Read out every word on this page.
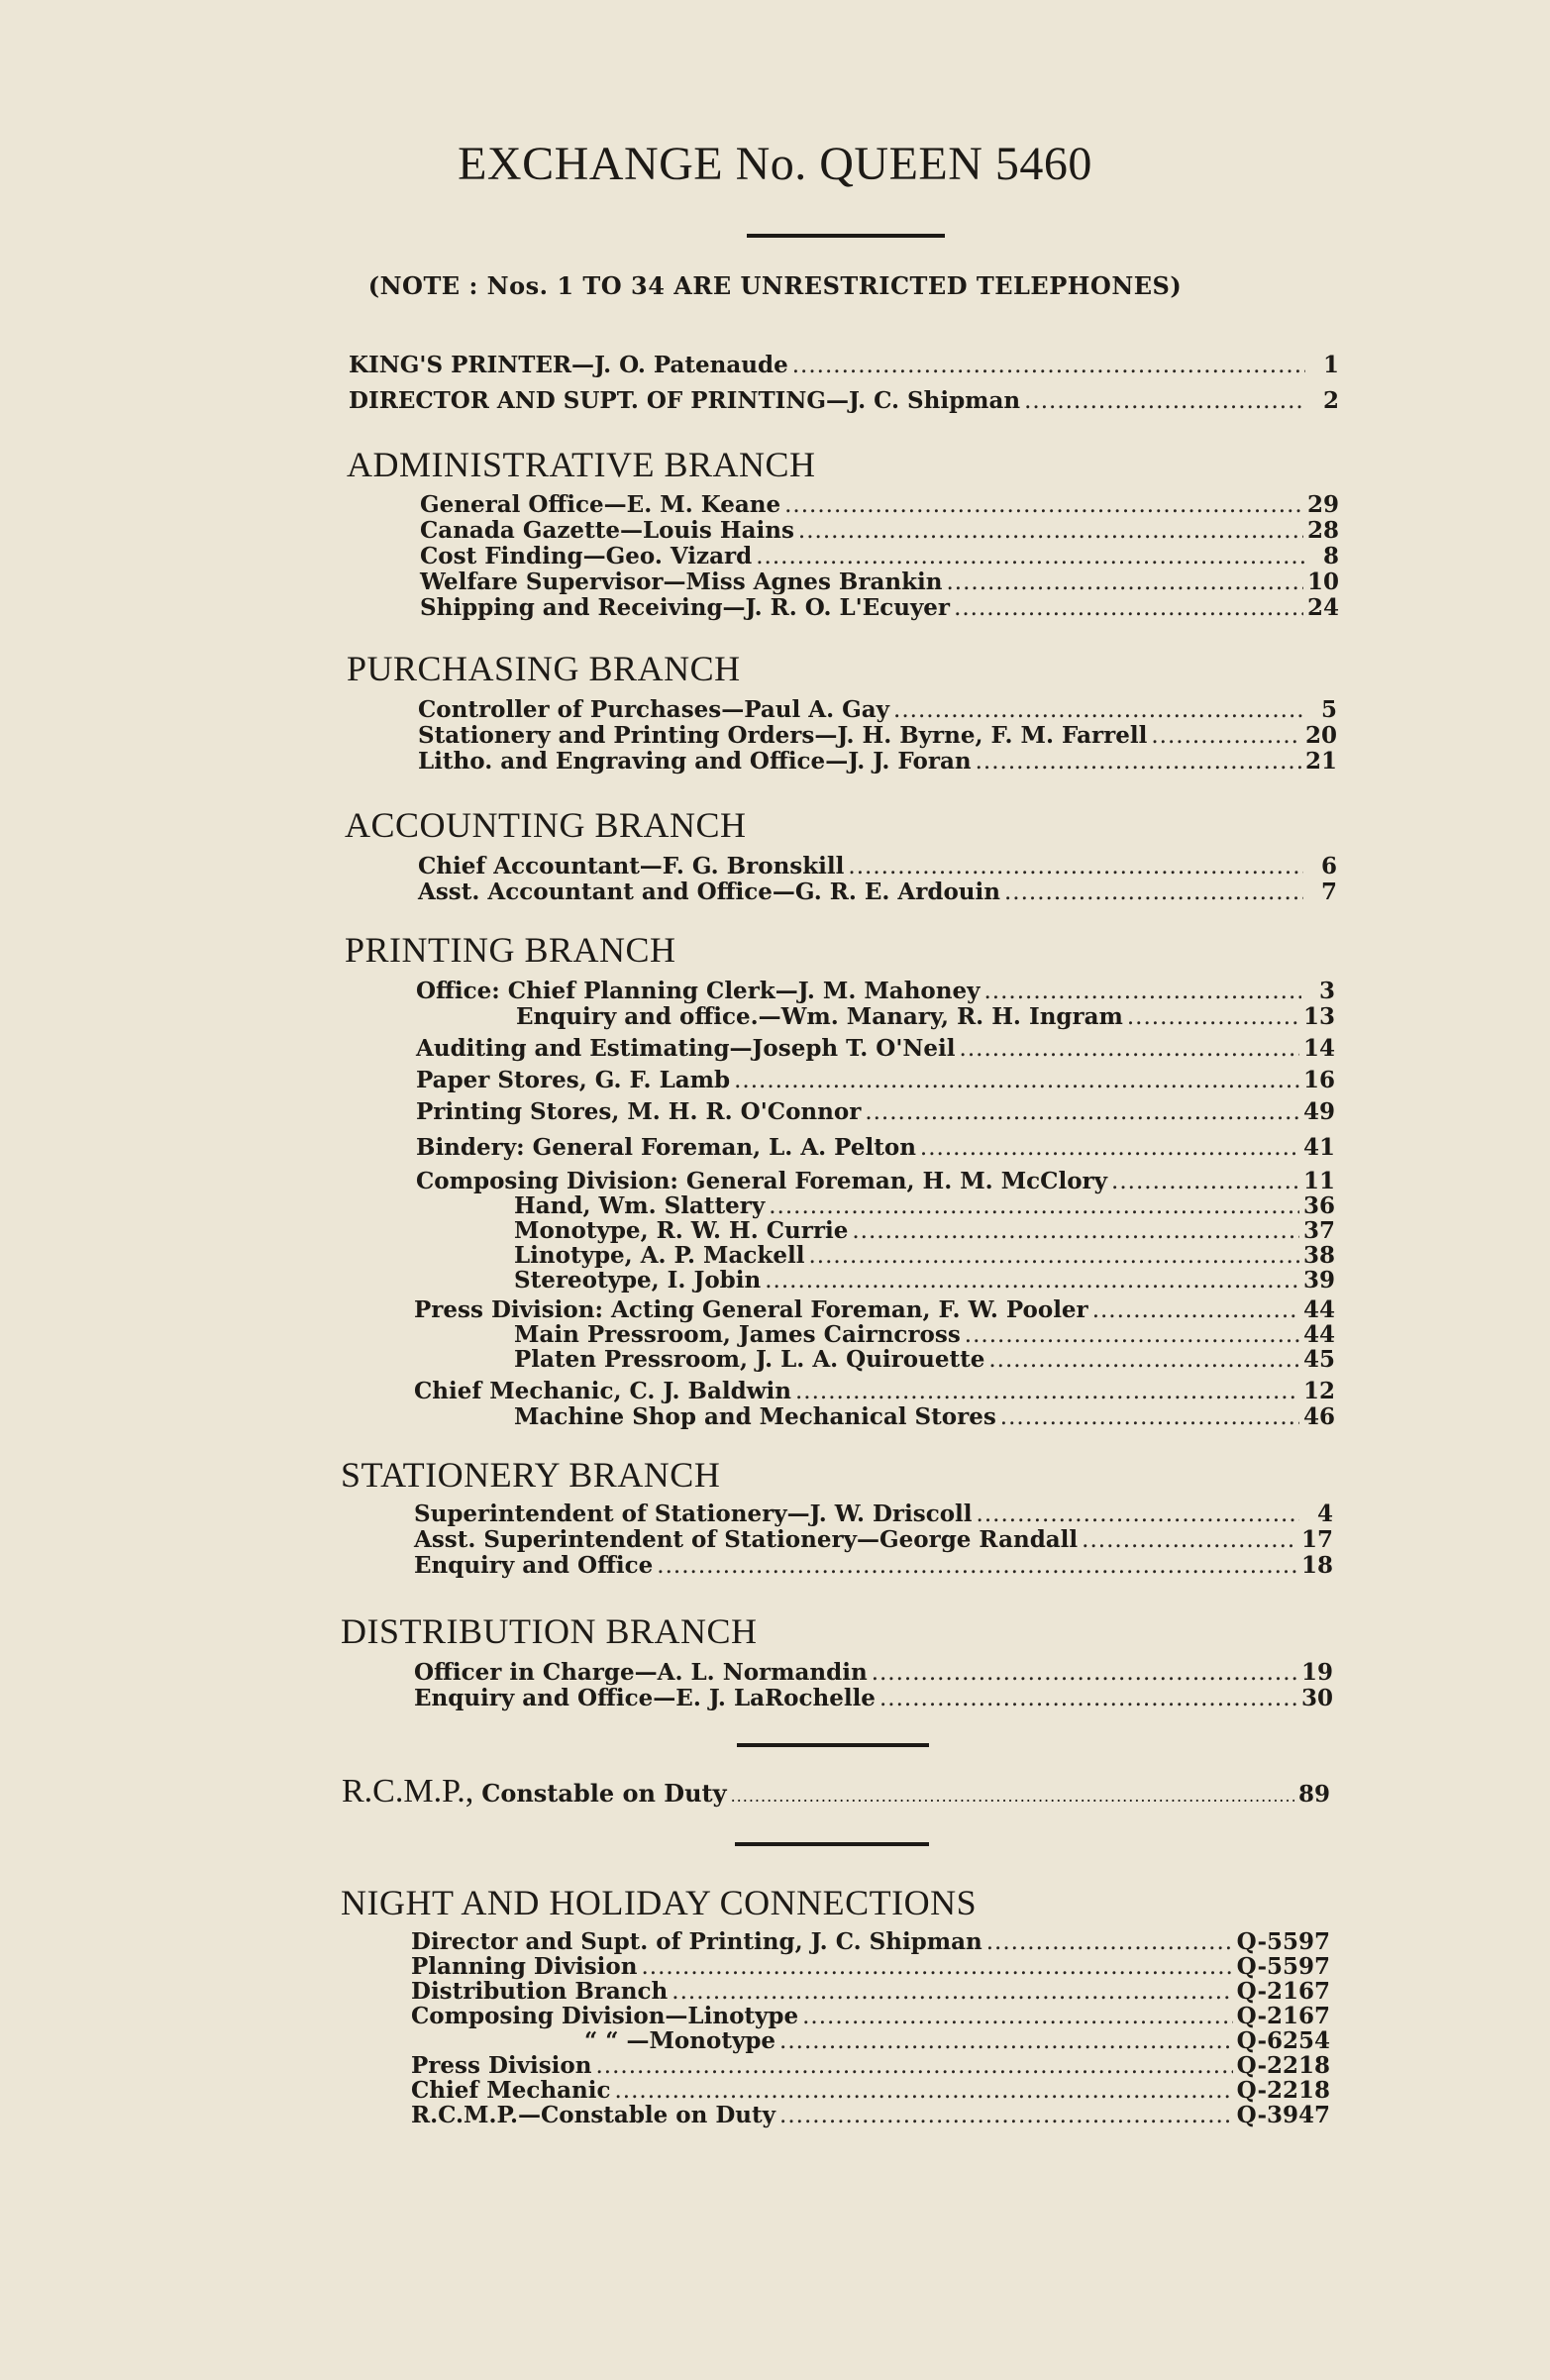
EXCHANGE No. QUEEN 5460
(NOTE : Nos. 1 TO 34 ARE UNRESTRICTED TELEPHONES)
KING'S PRINTER—J. O. Patenaude .....	1
DIRECTOR AND SUPT. OF PRINTING—J. C. Shipman .....	2
ADMINISTRATIVE BRANCH
General Office—E. M. Keane .....	29
Canada Gazette—Louis Hains .....	28
Cost Finding—Geo. Vizard .....	8
Welfare Supervisor—Miss Agnes Brankin .....	10
Shipping and Receiving—J. R. O. L'Ecuyer .....	24
PURCHASING BRANCH
Controller of Purchases—Paul A. Gay .....	5
Stationery and Printing Orders—J. H. Byrne, F. M. Farrell .....	20
Litho. and Engraving and Office—J. J. Foran .....	21
ACCOUNTING BRANCH
Chief Accountant—F. G. Bronskill .....	6
Asst. Accountant and Office—G. R. E. Ardouin .....	7
PRINTING BRANCH
Office: Chief Planning Clerk—J. M. Mahoney .....	3
Enquiry and office.—Wm. Manary, R. H. Ingram .....	13
Auditing and Estimating—Joseph T. O'Neil .....	14
Paper Stores, G. F. Lamb .....	16
Printing Stores, M. H. R. O'Connor .....	49
Bindery: General Foreman, L. A. Pelton .....	41
Composing Division: General Foreman, H. M. McClory .....	11
Hand, Wm. Slattery .....	36
Monotype, R. W. H. Currie .....	37
Linotype, A. P. Mackell .....	38
Stereotype, I. Jobin .....	39
Press Division: Acting General Foreman, F. W. Pooler .....	44
Main Pressroom, James Cairncross .....	44
Platen Pressroom, J. L. A. Quirouette .....	45
Chief Mechanic, C. J. Baldwin .....	12
Machine Shop and Mechanical Stores .....	46
STATIONERY BRANCH
Superintendent of Stationery—J. W. Driscoll .....	4
Asst. Superintendent of Stationery—George Randall .....	17
Enquiry and Office .....	18
DISTRIBUTION BRANCH
Officer in Charge—A. L. Normandin .....	19
Enquiry and Office—E. J. LaRochelle .....	30
R.C.M.P., Constable on Duty .....	89
NIGHT AND HOLIDAY CONNECTIONS
Director and Supt. of Printing, J. C. Shipman .....	Q-5597
Planning Division .....	Q-5597
Distribution Branch .....	Q-2167
Composing Division—Linotype .....	Q-2167
“ “ —Monotype .....	Q-6254
Press Division .....	Q-2218
Chief Mechanic .....	Q-2218
R.C.M.P.—Constable on Duty .....	Q-3947
